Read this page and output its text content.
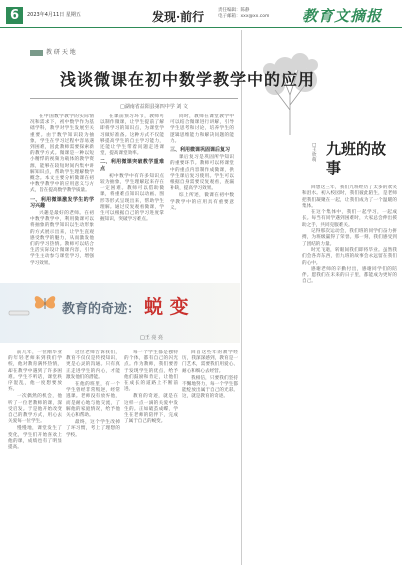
6	2023年4月11日 星期五	发现·前行	责任编辑：陈静
电子邮箱：xxx@xx.com 教育文摘报
□王 欣 萌
九班的故事

回想这三年，我们九班经历了太多的欢笑和泪水。初入校园时，我们彼此陌生，是老师把我们凝聚在一起，让我们成为了一个温暖的集体。

在这个集体中，我们一起学习，一起成长。每当有同学遇到困难时，大家总会伸出援助之手，共同克服难关。

记得那次运动会，我们班的同学们奋力拼搏，为班级赢得了荣誉。那一刻，我们感受到了团结的力量。

时光飞逝，转眼间我们即将毕业。虽然我们会各奔东西，但九班的故事会永远留在我们的心中。

感谢老师的辛勤付出，感谢同学们的陪伴。愿我们在未来的日子里，都能成为更好的自己。

教 研 天 地
浅谈微课在初中数学教学中的应用
□湖南省益阳县第四中学 刘 文

在中国数学教学的实际情况和需求下，初中数学作为基础学科，教学对学生发展至关重要。由于数学知识较为抽象，学生在学习过程中容易遇到困难，因此教师需要探索新的教学方式。微课是一种以短小精悍的视频为载体的教学资源，能够在较短时间内集中讲解知识点，帮助学生理解数学概念。本文主要分析微课在初中数学教学中的应用意义与方式，旨在提高数学教学质量。

一、利用微课激发学生的学习兴趣

兴趣是最好的老师。在初中数学教学中，利用微课可以将抽象的数学知识以生动形象的方式展示出来，让学生直观感受数学的魅力，从而激发他们的学习热情。教师可以结合生活实际设计微课内容，引导学生主动参与课堂学习，增强学习效果。

在课前预习环节，教师可以制作微课，让学生提前了解即将学习的知识点，为课堂学习做好准备。这种方式不仅能够提高学生的自主学习能力，还能让学生带着问题走进课堂，提高课堂效率。

二、利用微课突破教学重难点

初中数学中有许多知识点较为抽象，学生理解起来存在一定困难。教师可以借助微课，将重难点知识以动画、图形等形式呈现出来，帮助学生理解。通过反复观看微课，学生可以根据自己的学习进度掌握知识，突破学习难点。

同时，教师在课堂教学中可以结合微课进行讲解，引导学生思考和讨论，培养学生的逻辑思维能力和解决问题的能力。

三、利用微课巩固课后复习

课后复习是巩固所学知识的重要环节。教师可以将课堂中的重点内容制作成微课，供学生课后复习使用。学生可以根据自身需要反复观看，查漏补缺，提高学习效果。

综上所述，微课在初中数学教学中的应用具有重要意义。

教育的奇迹： 蜕 变
□王 亮 亮

前几年，一位刚毕业的年轻老师来到我们学校，他对教育满怀热情，却在教学中遇到了许多困难。学生不听话，课堂秩序混乱，他一度想要放弃。

一次偶然的机会，他听了一位老教师的课，深受启发。于是他开始改变自己的教学方式，用心去关爱每一位学生。

慢慢地，课堂发生了变化，学生们开始喜欢上他的课，成绩也有了明显提高。

这位老师告诉我们，教育不仅仅是传授知识，更是心灵的沟通。只有真正走进学生的内心，才能激发他们的潜能。

在他的班里，有一个学生曾经非常叛逆，经常逃课。老师没有放弃他，而是耐心地与他交流，了解他的家庭情况，给予他关心和帮助。

最终，这个学生改掉了坏习惯，考上了理想的学校。

每一个学生都是独特的个体，都有自己的闪光点。作为教师，我们要善于发现学生的优点，给予他们鼓励和肯定，让他们在成长的道路上不断前进。

教育的奇迹，就是在这样一点一滴的关爱中发生的。正如破茧成蝶，学生在老师的陪伴下，完成了属于自己的蜕变。

回首这些年的教学经历，我深深感到，教育是一门艺术，需要我们用爱心、耐心和细心去经营。

我相信，只要我们坚持不懈地努力，每一个学生都能绽放出属于自己的光彩。这，就是教育的奇迹。
